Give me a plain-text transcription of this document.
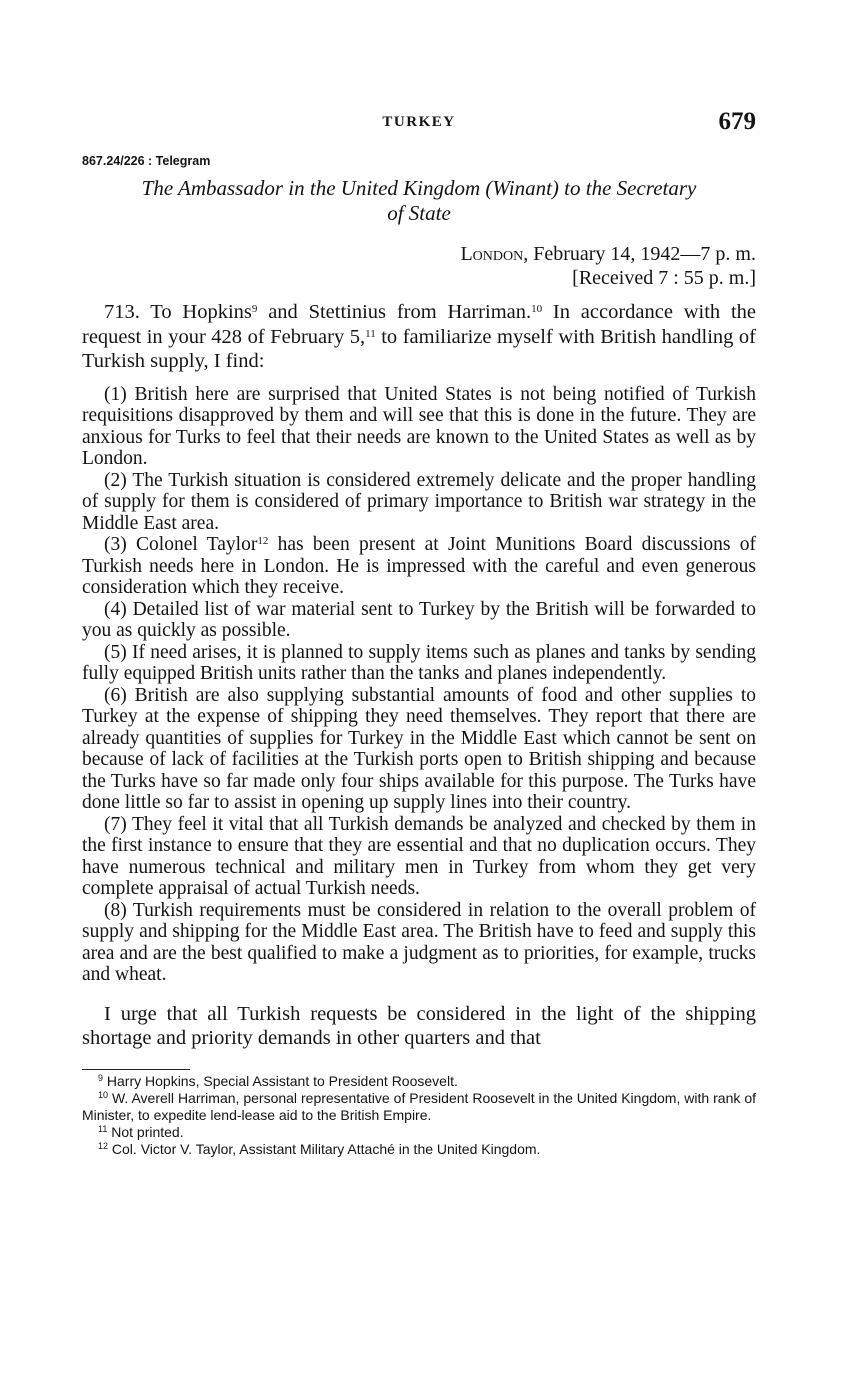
TURKEY	679
867.24/226 : Telegram
The Ambassador in the United Kingdom (Winant) to the Secretary
of State
London, February 14, 1942—7 p. m.
[Received 7 : 55 p. m.]

713. To Hopkins$^9$ and Stettinius from Harriman.$^{10}$ In accordance with the request in your 428 of February 5,11 to familiarize myself with British handling of Turkish supply, I find:

(1) British here are surprised that United States is not being notified of Turkish requisitions disapproved by them and will see that this is done in the future. They are anxious for Turks to feel that their needs are known to the United States as well as by London.

(2) The Turkish situation is considered extremely delicate and the proper handling of supply for them is considered of primary importance to British war strategy in the Middle East area.

(3) Colonel Taylor$^{12}$ has been present at Joint Munitions Board discussions of Turkish needs here in London. He is impressed with the careful and even generous consideration which they receive.

(4) Detailed list of war material sent to Turkey by the British will be forwarded to you as quickly as possible.

(5) If need arises, it is planned to supply items such as planes and tanks by sending fully equipped British units rather than the tanks and planes independently.

(6) British are also supplying substantial amounts of food and other supplies to Turkey at the expense of shipping they need themselves. They report that there are already quantities of supplies for Turkey in the Middle East which cannot be sent on because of lack of facilities at the Turkish ports open to British shipping and because the Turks have so far made only four ships available for this purpose. The Turks have done little so far to assist in opening up supply lines into their country.

(7) They feel it vital that all Turkish demands be analyzed and checked by them in the first instance to ensure that they are essential and that no duplication occurs. They have numerous technical and military men in Turkey from whom they get very complete appraisal of actual Turkish needs.

(8) Turkish requirements must be considered in relation to the overall problem of supply and shipping for the Middle East area. The British have to feed and supply this area and are the best qualified to make a judgment as to priorities, for example, trucks and wheat.

I urge that all Turkish requests be considered in the light of the shipping shortage and priority demands in other quarters and that

$^9$ Harry Hopkins, Special Assistant to President Roosevelt.

$^{10}$ W. Averell Harriman, personal representative of President Roosevelt in the United Kingdom, with rank of Minister, to expedite lend-lease aid to the British Empire.

$^{11}$ Not printed.

$^{12}$ Col. Victor V. Taylor, Assistant Military Attaché in the United Kingdom.
